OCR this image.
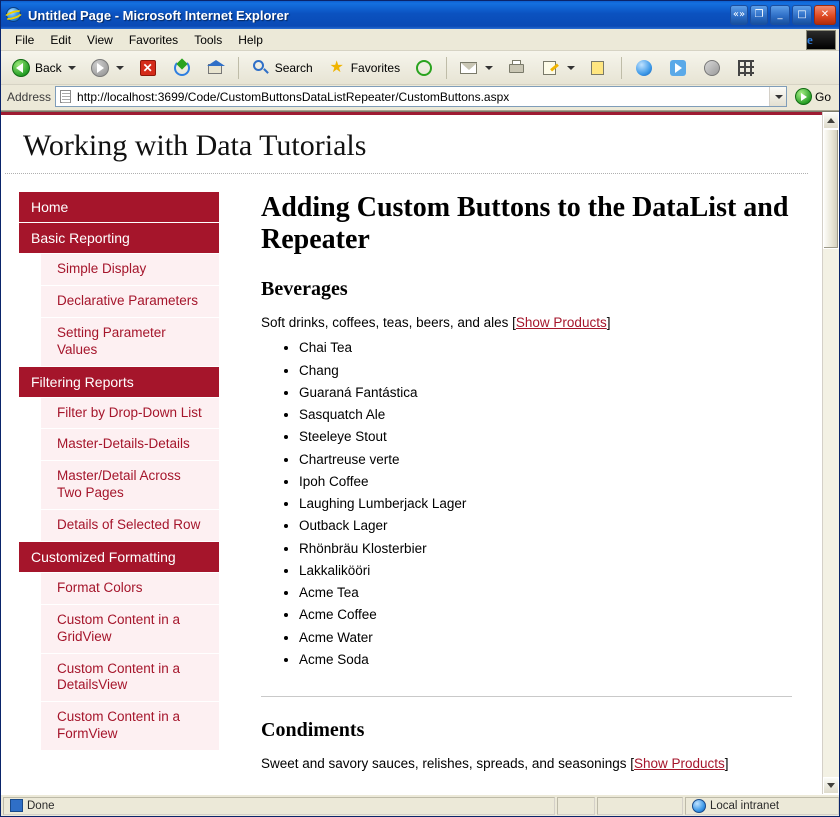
Untitled Page - Microsoft Internet Explorer	«» ❐	_	□	✕
File	Edit	View	Favorites	Tools	Help	e
Back	✕	Search ★ Favorites
Address http://localhost:3699/Code/CustomButtonsDataListRepeater/CustomButtons.aspx	Go
Working with Data Tutorials
Home
Basic Reporting
Simple Display
Declarative Parameters
Setting Parameter Values
Filtering Reports
Filter by Drop-Down List
Master-Details-Details
Master/Detail Across Two Pages
Details of Selected Row
Customized Formatting
Format Colors
Custom Content in a GridView
Custom Content in a DetailsView
Custom Content in a FormView
Adding Custom Buttons to the DataList and Repeater
Beverages

Soft drinks, coffees, teas, beers, and ales [Show Products]

• Chai Tea
• Chang
• Guaraná Fantástica
• Sasquatch Ale
• Steeleye Stout
• Chartreuse verte
• Ipoh Coffee
• Laughing Lumberjack Lager
• Outback Lager
• Rhönbräu Klosterbier
• Lakkalikööri
• Acme Tea
• Acme Coffee
• Acme Water
• Acme Soda
Condiments

Sweet and savory sauces, relishes, spreads, and seasonings [Show Products]

Done	Local intranet
